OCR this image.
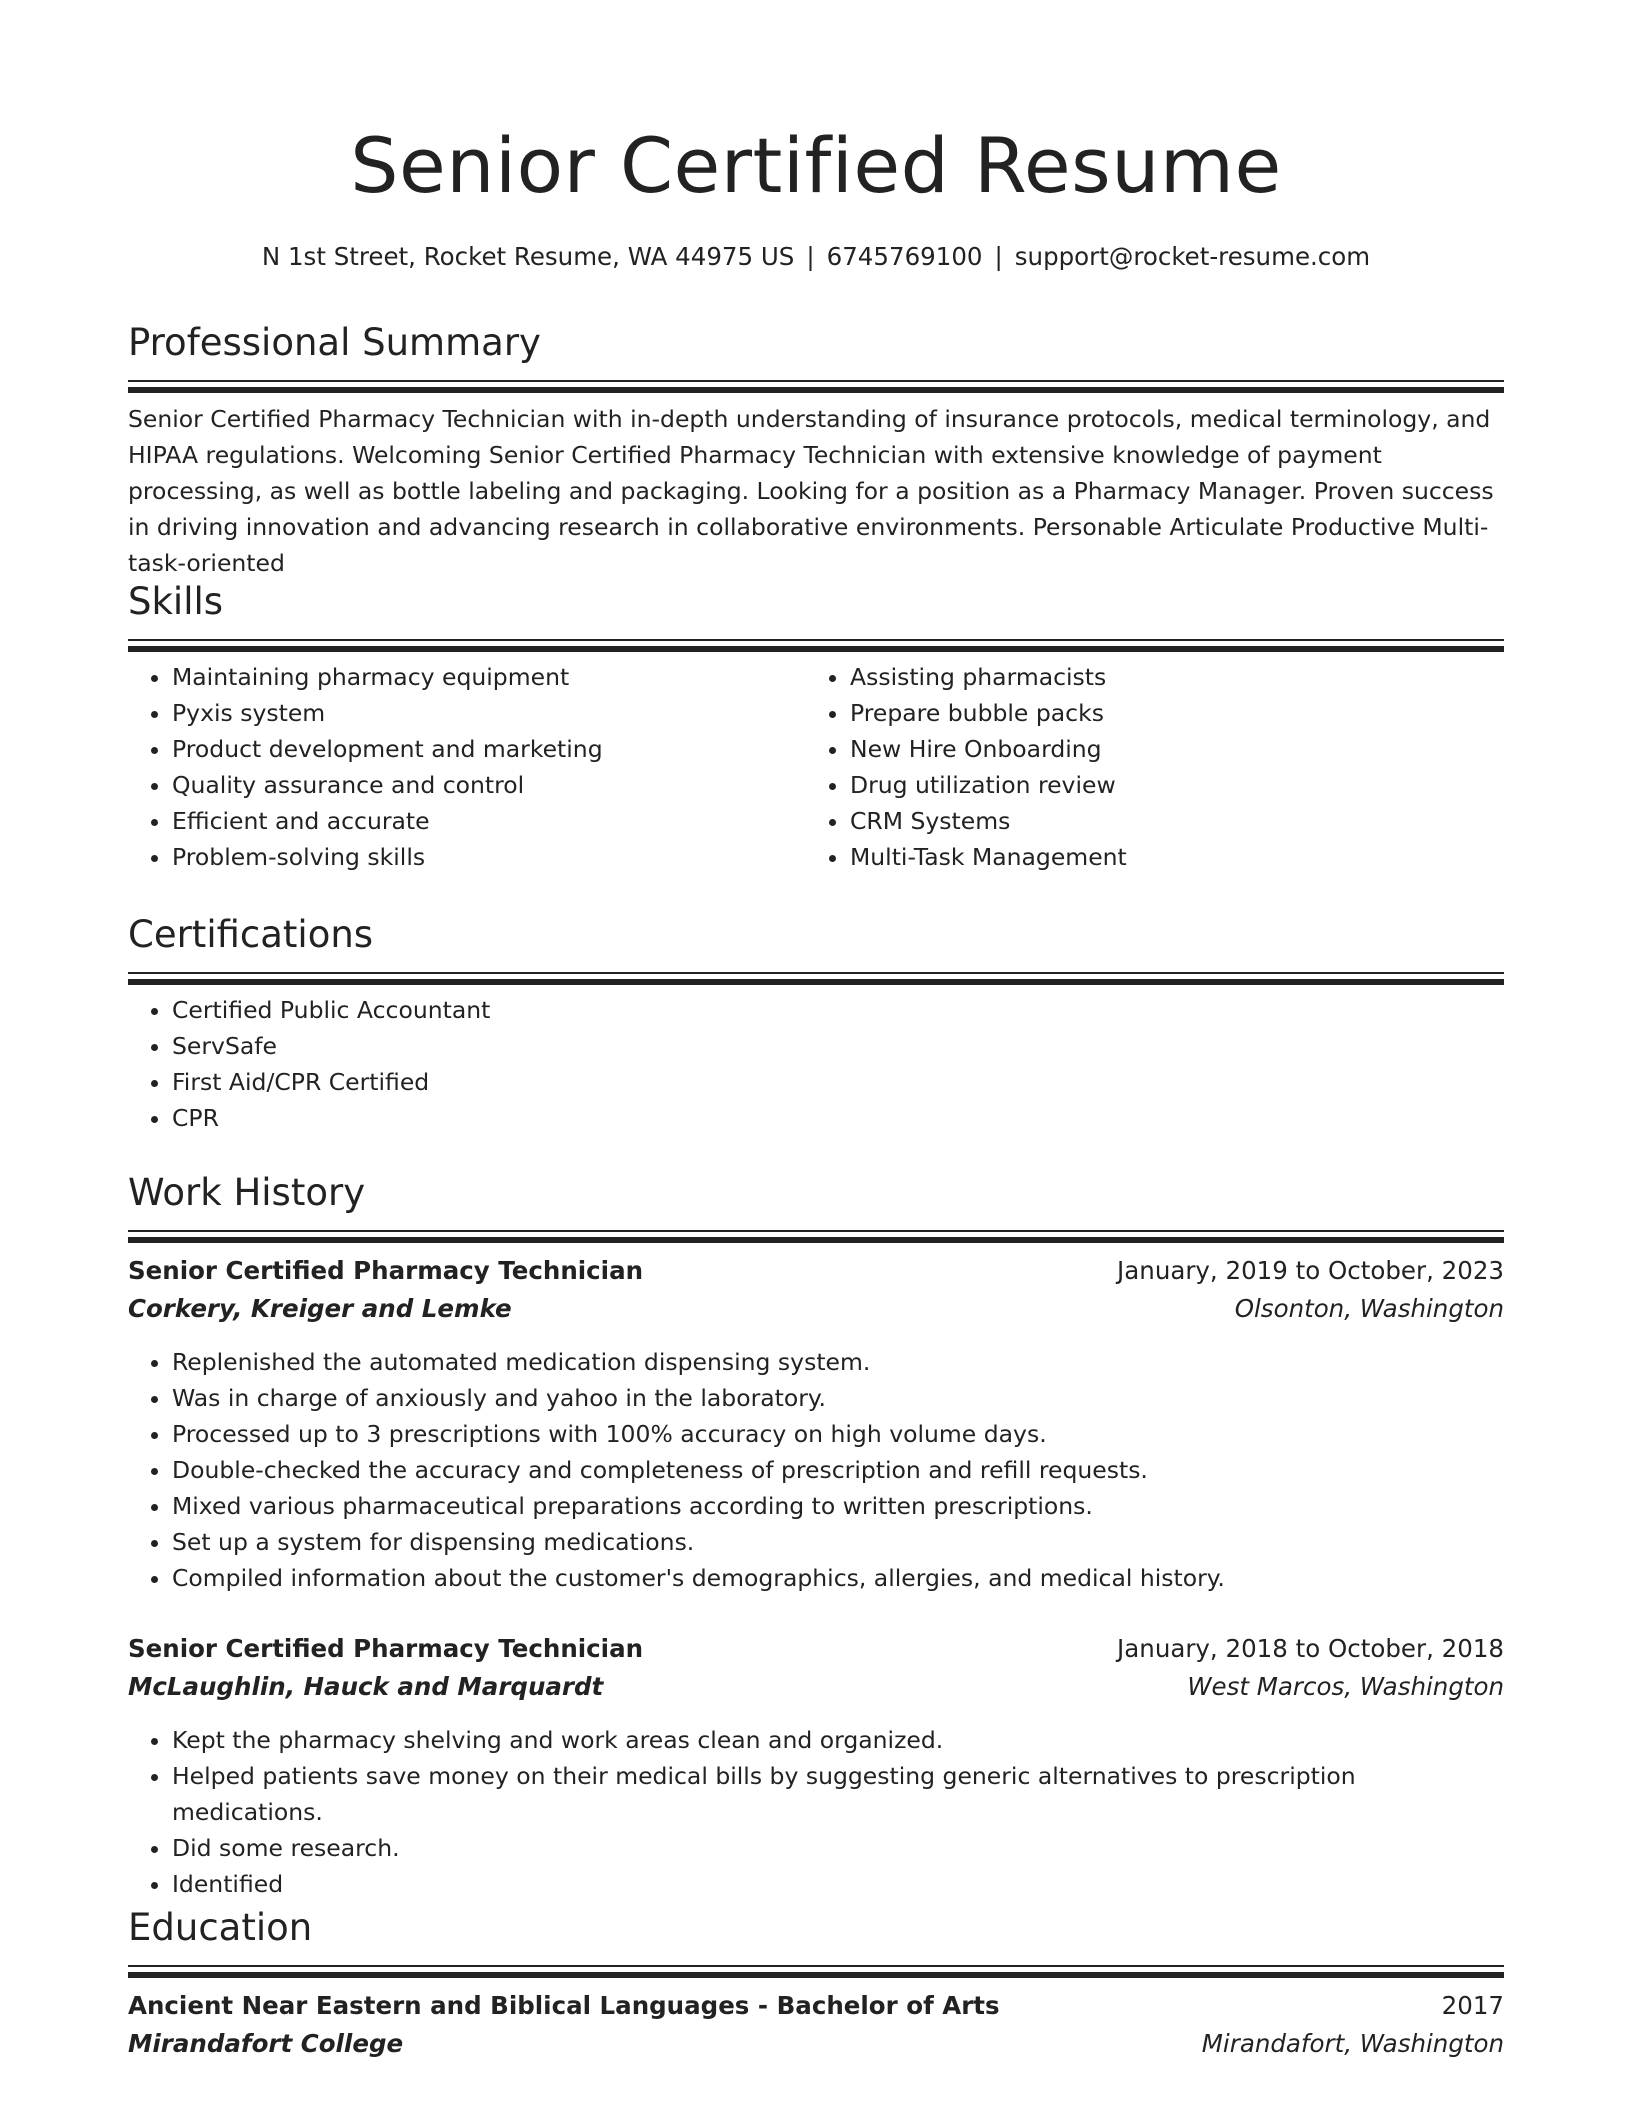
Senior Certified Resume
N 1st Street, Rocket Resume, WA 44975 US | 6745769100 | support@rocket-resume.com
Professional Summary
Senior Certified Pharmacy Technician with in-depth understanding of insurance protocols, medical terminology, and HIPAA regulations. Welcoming Senior Certified Pharmacy Technician with extensive knowledge of payment processing, as well as bottle labeling and packaging. Looking for a position as a Pharmacy Manager. Proven success in driving innovation and advancing research in collaborative environments. Personable Articulate Productive Multi-task-oriented
Skills
• Maintaining pharmacy equipment
• Pyxis system
• Product development and marketing
• Quality assurance and control
• Efficient and accurate
• Problem-solving skills
• Assisting pharmacists
• Prepare bubble packs
• New Hire Onboarding
• Drug utilization review
• CRM Systems
• Multi-Task Management
Certifications
• Certified Public Accountant
• ServSafe
• First Aid/CPR Certified
• CPR
Work History
Senior Certified Pharmacy Technician	January, 2019 to October, 2023
Corkery, Kreiger and Lemke	Olsonton, Washington
• Replenished the automated medication dispensing system.
• Was in charge of anxiously and yahoo in the laboratory.
• Processed up to 3 prescriptions with 100% accuracy on high volume days.
• Double-checked the accuracy and completeness of prescription and refill requests.
• Mixed various pharmaceutical preparations according to written prescriptions.
• Set up a system for dispensing medications.
• Compiled information about the customer's demographics, allergies, and medical history.
Senior Certified Pharmacy Technician	January, 2018 to October, 2018
McLaughlin, Hauck and Marquardt	West Marcos, Washington
• Kept the pharmacy shelving and work areas clean and organized.
• Helped patients save money on their medical bills by suggesting generic alternatives to prescription medications.
• Did some research.
• Identified
Education
Ancient Near Eastern and Biblical Languages - Bachelor of Arts	2017
Mirandafort College	Mirandafort, Washington
